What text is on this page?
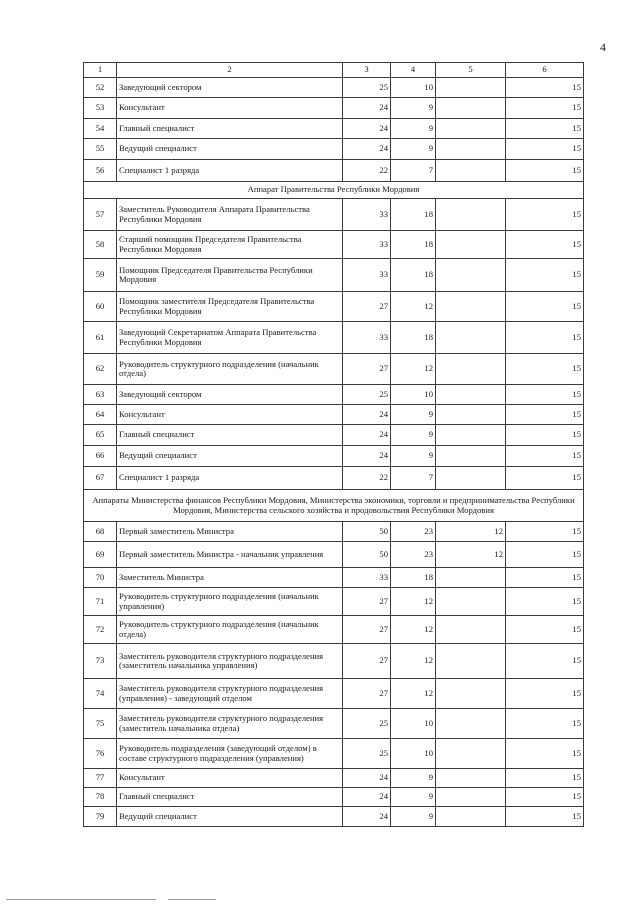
4
1	2	3	4	5	6
52	Заведующий сектором	25	10		15
53	Консультант	24	9		15
54	Главный специалист	24	9		15
55	Ведущий специалист	24	9		15
56	Специалист 1 разряда	22	7		15
Аппарат Правительства Республики Мордовия					
57	Заместитель Руководителя Аппарата Правительства Республики Мордовия	33	18		15
58	Старший помощник Председателя Правительства Республики Мордовия	33	18		15
59	Помощник Председателя Правительства Республики Мордовия	33	18		15
60	Помощник заместителя Председателя Правительства Республики Мордовия	27	12		15
61	Заведующий Секретариатом Аппарата Правительства Республики Мордовия	33	18		15
62	Руководитель структурного подразделения (начальник отдела)	27	12		15
63	Заведующий сектором	25	10		15
64	Консультант	24	9		15
65	Главный специалист	24	9		15
66	Ведущий специалист	24	9		15
67	Специалист 1 разряда	22	7		15
Аппараты Министерства финансов Республики Мордовия, Министерства экономики, торговли и предпринимательства Республики Мордовия, Министерства сельского хозяйства и продовольствия Республики Мордовия					
68	Первый заместитель Министра	50	23	12	15
69	Первый заместитель Министра - начальник управления	50	23	12	15
70	Заместитель Министра	33	18		15
71	Руководитель структурного подразделения (начальник управления)	27	12		15
72	Руководитель структурного подразделения (начальник отдела)	27	12		15
73	Заместитель руководителя структурного подразделения (заместитель начальника управления)	27	12		15
74	Заместитель руководителя структурного подразделения (управления) - заведующий отделом	27	12		15
75	Заместитель руководителя структурного подразделения (заместитель начальника отдела)	25	10		15
76	Руководитель подразделения (заведующий отделом) в составе структурного подразделения (управления)	25	10		15
77	Консультант	24	9		15
78	Главный специалист	24	9		15
79	Ведущий специалист	24	9		15
